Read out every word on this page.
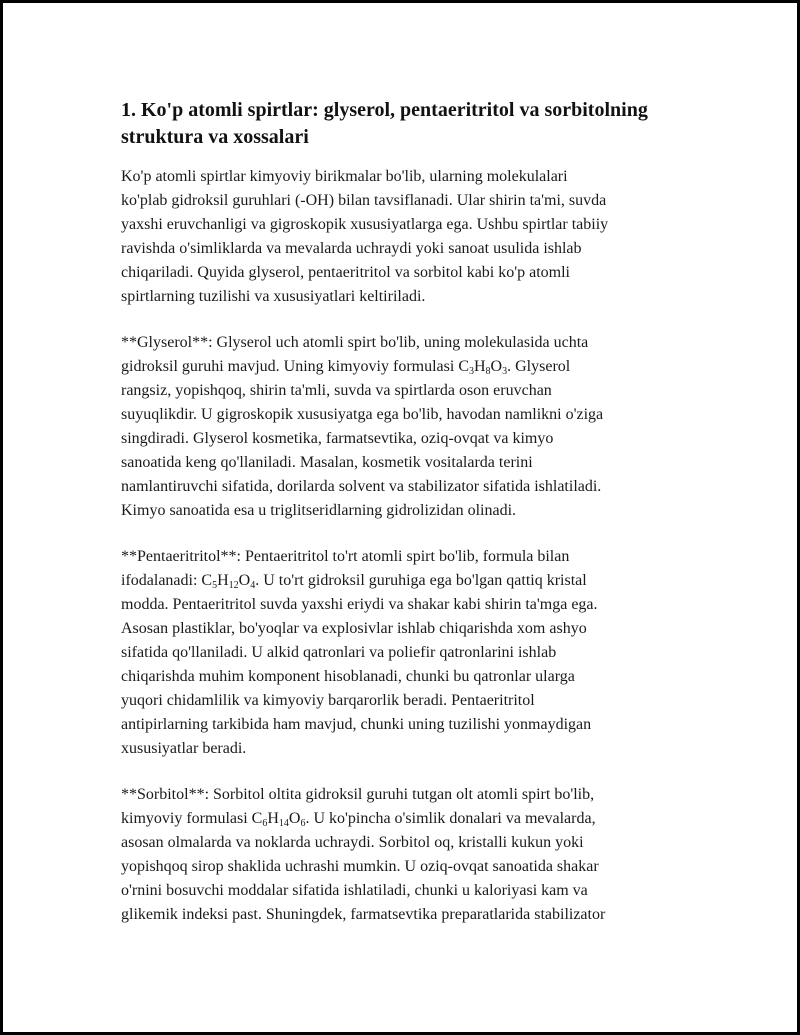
1. Ko'p atomli spirtlar: glyserol, pentaeritritol va sorbitolning struktura va xossalari

Ko'p atomli spirtlar kimyoviy birikmalar bo'lib, ularning molekulalari
ko'plab gidroksil guruhlari (-OH) bilan tavsiflanadi. Ular shirin ta'mi, suvda
yaxshi eruvchanligi va gigroskopik xususiyatlarga ega. Ushbu spirtlar tabiiy
ravishda o'simliklarda va mevalarda uchraydi yoki sanoat usulida ishlab
chiqariladi. Quyida glyserol, pentaeritritol va sorbitol kabi ko'p atomli
spirtlarning tuzilishi va xususiyatlari keltiriladi.

**Glyserol**: Glyserol uch atomli spirt bo'lib, uning molekulasida uchta
gidroksil guruhi mavjud. Uning kimyoviy formulasi $C_3H_8O_3$. Glyserol
rangsiz, yopishqoq, shirin ta'mli, suvda va spirtlarda oson eruvchan
suyuqlikdir. U gigroskopik xususiyatga ega bo'lib, havodan namlikni o'ziga
singdiradi. Glyserol kosmetika, farmatsevtika, oziq-ovqat va kimyo
sanoatida keng qo'llaniladi. Masalan, kosmetik vositalarda terini
namlantiruvchi sifatida, dorilarda solvent va stabilizator sifatida ishlatiladi.
Kimyo sanoatida esa u triglitseridlarning gidrolizidan olinadi.

**Pentaeritritol**: Pentaeritritol to'rt atomli spirt bo'lib, formula bilan
ifodalanadi: $C_5H_{12}O_4$. U to'rt gidroksil guruhiga ega bo'lgan qattiq kristal
modda. Pentaeritritol suvda yaxshi eriydi va shakar kabi shirin ta'mga ega.
Asosan plastiklar, bo'yoqlar va explosivlar ishlab chiqarishda xom ashyo
sifatida qo'llaniladi. U alkid qatronlari va poliefir qatronlarini ishlab
chiqarishda muhim komponent hisoblanadi, chunki bu qatronlar ularga
yuqori chidamlilik va kimyoviy barqarorlik beradi. Pentaeritritol
antipirlarning tarkibida ham mavjud, chunki uning tuzilishi yonmaydigan
xususiyatlar beradi.

**Sorbitol**: Sorbitol oltita gidroksil guruhi tutgan olt atomli spirt bo'lib,
kimyoviy formulasi $C_6H_{14}O_6$. U ko'pincha o'simlik donalari va mevalarda,
asosan olmalarda va noklarda uchraydi. Sorbitol oq, kristalli kukun yoki
yopishqoq sirop shaklida uchrashi mumkin. U oziq-ovqat sanoatida shakar
o'rnini bosuvchi moddalar sifatida ishlatiladi, chunki u kaloriyasi kam va
glikemik indeksi past. Shuningdek, farmatsevtika preparatlarida stabilizator
